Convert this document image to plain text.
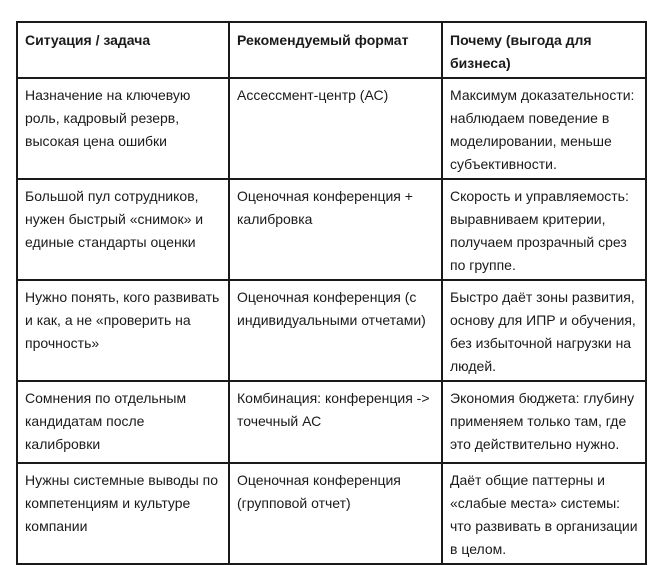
Ситуация / задача	Рекомендуемый формат	Почему (выгода для бизнеса)
Назначение на ключевую роль, кадровый резерв, высокая цена ошибки	Ассессмент-центр (АС)	Максимум доказательности: наблюдаем поведение в моделировании, меньше субъективности.
Большой пул сотрудников, нужен быстрый «снимок» и единые стандарты оценки	Оценочная конференция + калибровка	Скорость и управляемость: выравниваем критерии, получаем прозрачный срез по группе.
Нужно понять, кого развивать и как, а не «проверить на прочность»	Оценочная конференция (с индивидуальными отчетами)	Быстро даёт зоны развития, основу для ИПР и обучения, без избыточной нагрузки на людей.
Сомнения по отдельным кандидатам после калибровки	Комбинация: конференция -> точечный АС	Экономия бюджета: глубину применяем только там, где это действительно нужно.
Нужны системные выводы по компетенциям и культуре компании	Оценочная конференция (групповой отчет)	Даёт общие паттерны и «слабые места» системы: что развивать в организации в целом.
